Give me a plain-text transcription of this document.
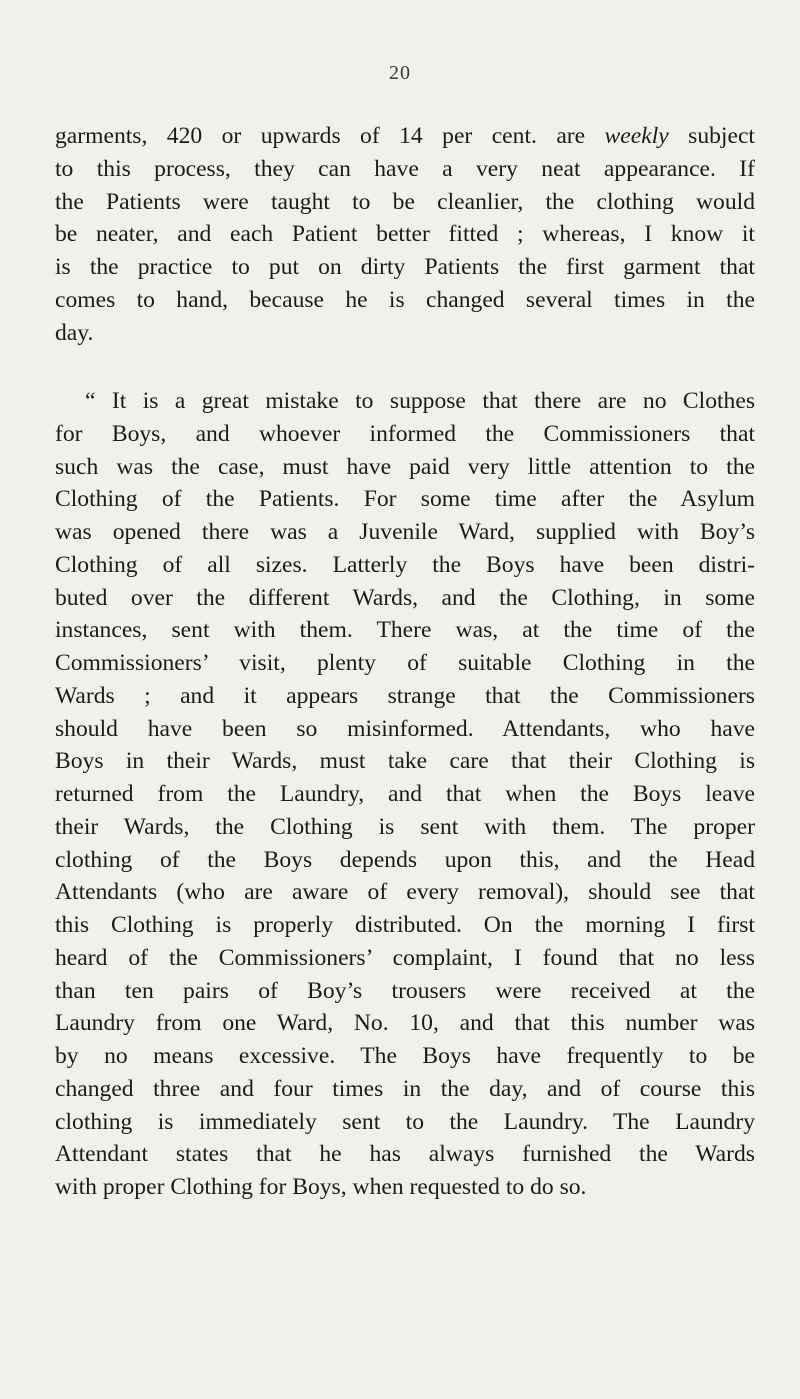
20
garments, 420 or upwards of 14 per cent. are weekly subject
to this process, they can have a very neat appearance. If
the Patients were taught to be cleanlier, the clothing would
be neater, and each Patient better fitted ; whereas, I know it
is the practice to put on dirty Patients the first garment that
comes to hand, because he is changed several times in the
day.
“ It is a great mistake to suppose that there are no Clothes
for Boys, and whoever informed the Commissioners that
such was the case, must have paid very little attention to the
Clothing of the Patients. For some time after the Asylum
was opened there was a Juvenile Ward, supplied with Boy’s
Clothing of all sizes. Latterly the Boys have been distri-
buted over the different Wards, and the Clothing, in some
instances, sent with them. There was, at the time of the
Commissioners’ visit, plenty of suitable Clothing in the
Wards ; and it appears strange that the Commissioners
should have been so misinformed. Attendants, who have
Boys in their Wards, must take care that their Clothing is
returned from the Laundry, and that when the Boys leave
their Wards, the Clothing is sent with them. The proper
clothing of the Boys depends upon this, and the Head
Attendants (who are aware of every removal), should see that
this Clothing is properly distributed. On the morning I first
heard of the Commissioners’ complaint, I found that no less
than ten pairs of Boy’s trousers were received at the
Laundry from one Ward, No. 10, and that this number was
by no means excessive. The Boys have frequently to be
changed three and four times in the day, and of course this
clothing is immediately sent to the Laundry. The Laundry
Attendant states that he has always furnished the Wards
with proper Clothing for Boys, when requested to do so.
